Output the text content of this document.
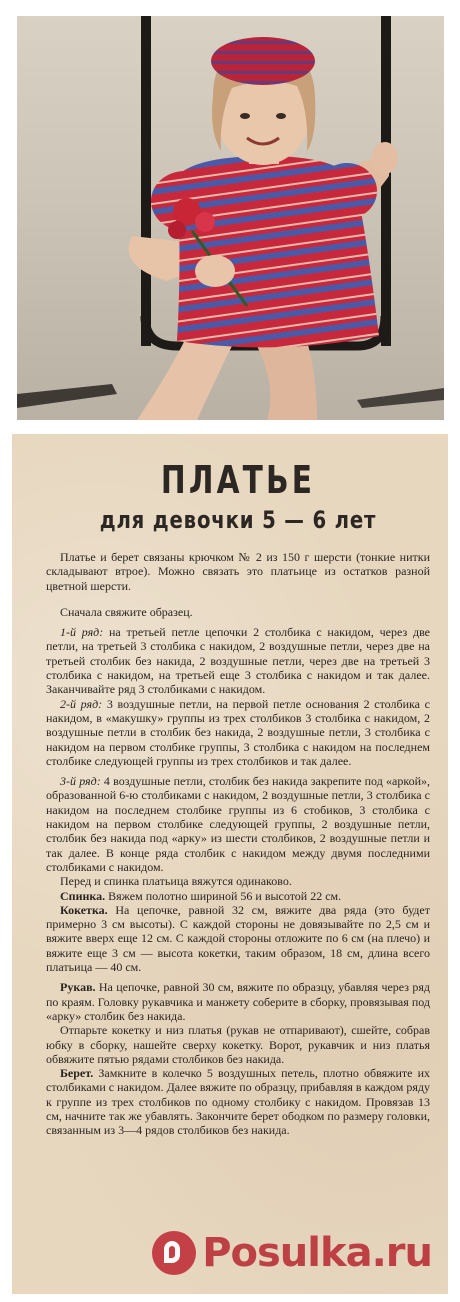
ПЛАТЬЕ
для девочки 5 — 6 лет

Платье и берет связаны крючком № 2 из 150 г шерсти (тонкие нитки складывают втрое). Можно связать это платьице из остатков разной цветной шерсти.

Сначала свяжите образец.

1-й ряд: на третьей петле цепочки 2 столбика с накидом, через две петли, на третьей 3 столбика с накидом, 2 воздушные петли, через две на третьей столбик без накида, 2 воздушные петли, через две на третьей 3 столбика с накидом, на третьей еще 3 столбика с накидом и так далее. Заканчивайте ряд 3 столбиками с накидом.

2-й ряд: 3 воздушные петли, на первой петле основания 2 столбика с накидом, в «макушку» группы из трех столбиков 3 столбика с накидом, 2 воздушные петли в столбик без накида, 2 воздушные петли, 3 столбика с накидом на первом столбике группы, 3 столбика с накидом на последнем столбике следующей группы из трех столбиков и так далее.

3-й ряд: 4 воздушные петли, столбик без накида закрепите под «аркой», образованной 6-ю столбиками с накидом, 2 воздушные петли, 3 столбика с накидом на последнем столбике группы из 6 стобиков, 3 столбика с накидом на первом столбике следующей группы, 2 воздушные петли, столбик без накида под «арку» из шести столбиков, 2 воздушные петли и так далее. В конце ряда столбик с накидом между двумя последними столбиками с накидом.

Перед и спинка платьица вяжутся одинаково.

Спинка. Вяжем полотно шириной 56 и высотой 22 см.

Кокетка. На цепочке, равной 32 см, вяжите два ряда (это будет примерно 3 см высоты). С каждой стороны не довязывайте по 2,5 см и вяжите вверх еще 12 см. С каждой стороны отложите по 6 см (на плечо) и вяжите еще 3 см — высота кокетки, таким образом, 18 см, длина всего платьица — 40 см.

Рукав. На цепочке, равной 30 см, вяжите по образцу, убавляя через ряд по краям. Головку рукавчика и манжету соберите в сборку, провязывая под «арку» столбик без накида.

Отпарьте кокетку и низ платья (рукав не отпаривают), сшейте, собрав юбку в сборку, нашейте сверху кокетку. Ворот, рукавчик и низ платья обвяжите пятью рядами столбиков без накида.

Берет. Замкните в колечко 5 воздушных петель, плотно обвяжите их столбиками с накидом. Далее вяжите по образцу, прибавляя в каждом ряду к группе из трех столбиков по одному столбику с накидом. Провязав 13 см, начните так же убавлять. Закончите берет ободком по размеру головки, связанным из 3—4 рядов столбиков без накида.

Posulka.ru
